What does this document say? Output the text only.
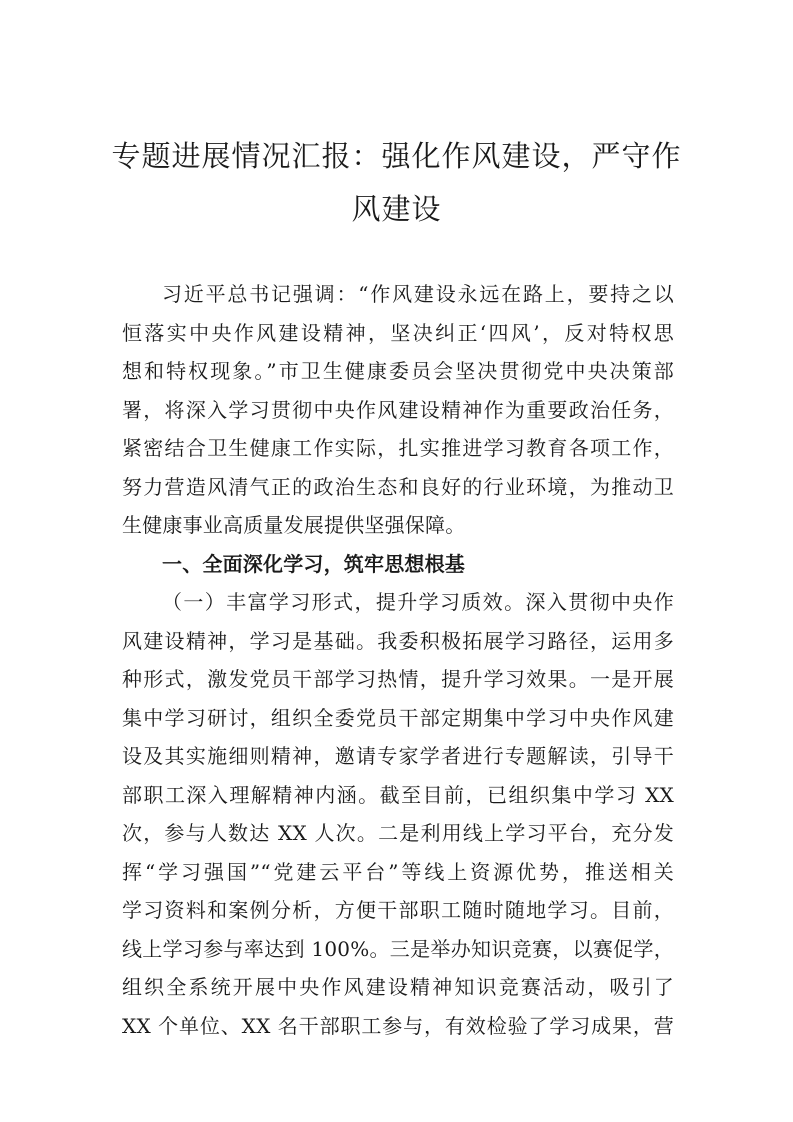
专题进展情况汇报：强化作风建设，严守作
风建设
习近平总书记强调：“作风建设永远在路上，要持之以
恒落实中央作风建设精神，坚决纠正‘四风’，反对特权思
想和特权现象。”市卫生健康委员会坚决贯彻党中央决策部
署，将深入学习贯彻中央作风建设精神作为重要政治任务，
紧密结合卫生健康工作实际，扎实推进学习教育各项工作，
努力营造风清气正的政治生态和良好的行业环境，为推动卫
生健康事业高质量发展提供坚强保障。
一、全面深化学习，筑牢思想根基
（一）丰富学习形式，提升学习质效。深入贯彻中央作
风建设精神，学习是基础。我委积极拓展学习路径，运用多
种形式，激发党员干部学习热情，提升学习效果。一是开展
集中学习研讨，组织全委党员干部定期集中学习中央作风建
设及其实施细则精神，邀请专家学者进行专题解读，引导干
部职工深入理解精神内涵。截至目前，已组织集中学习 XX
次，参与人数达 XX 人次。二是利用线上学习平台，充分发
挥“学习强国”“党建云平台”等线上资源优势，推送相关
学习资料和案例分析，方便干部职工随时随地学习。目前，
线上学习参与率达到 100%。三是举办知识竞赛，以赛促学，
组织全系统开展中央作风建设精神知识竞赛活动，吸引了
XX 个单位、XX 名干部职工参与，有效检验了学习成果，营
